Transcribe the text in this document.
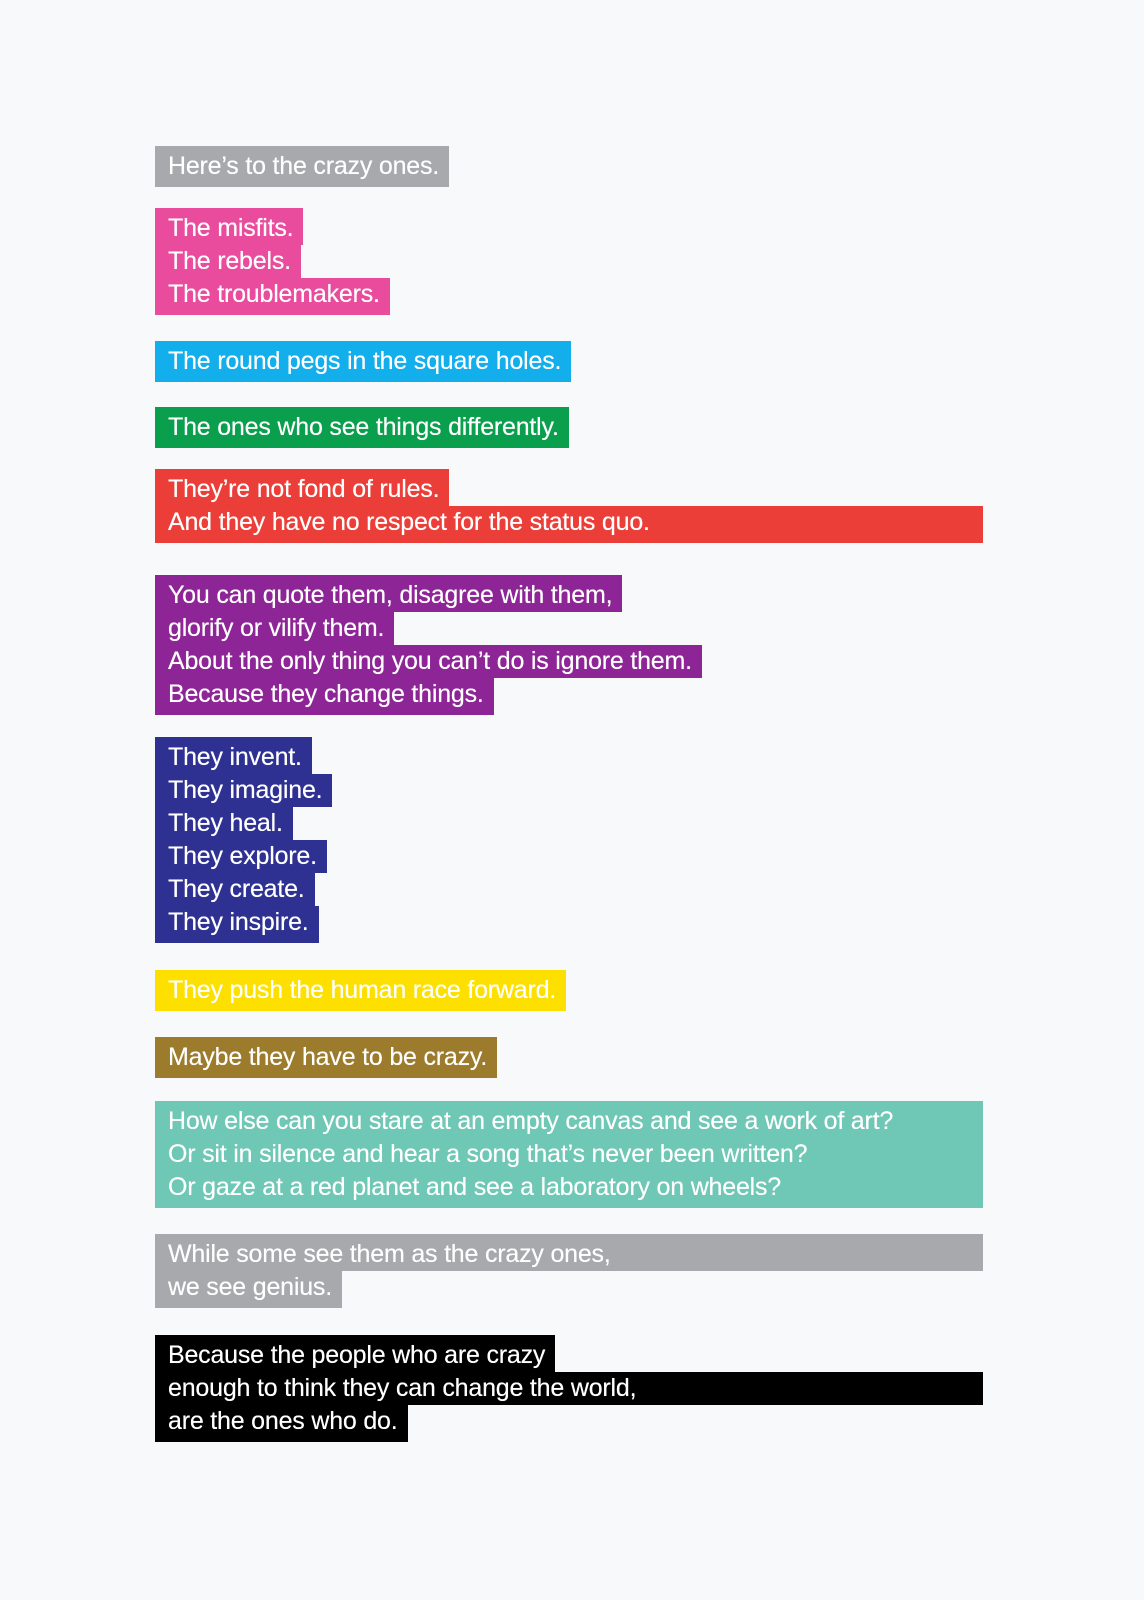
Here’s to the crazy ones.
The misfits.
The rebels.
The troublemakers.
The round pegs in the square holes.
The ones who see things differently.
They’re not fond of rules.
And they have no respect for the status quo.
You can quote them, disagree with them,
glorify or vilify them.
About the only thing you can’t do is ignore them.
Because they change things.
They invent.
They imagine.
They heal.
They explore.
They create.
They inspire.
They push the human race forward.
Maybe they have to be crazy.
How else can you stare at an empty canvas and see a work of art?
Or sit in silence and hear a song that’s never been written?
Or gaze at a red planet and see a laboratory on wheels?
While some see them as the crazy ones,
we see genius.
Because the people who are crazy
enough to think they can change the world,
are the ones who do.
